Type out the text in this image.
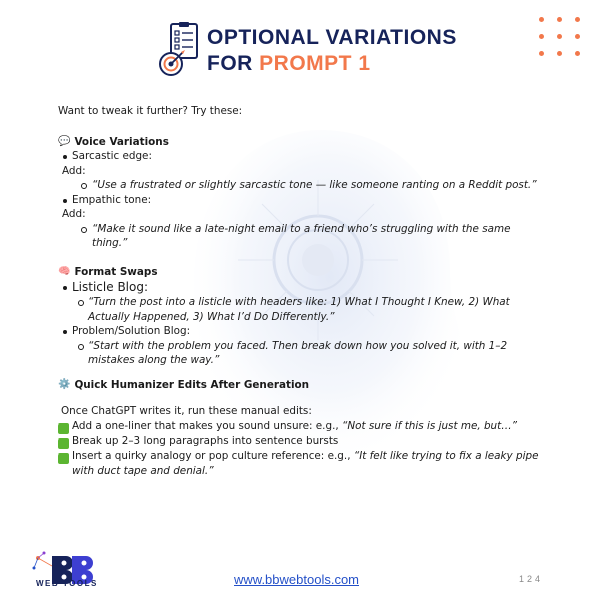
OPTIONAL VARIATIONS
FOR PROMPT 1
Want to tweak it further? Try these:
💬 Voice Variations
Sarcastic edge:
Add:
“Use a frustrated or slightly sarcastic tone — like someone ranting on a Reddit post.”
Empathic tone:
Add:
“Make it sound like a late-night email to a friend who’s struggling with the same thing.”
🧠 Format Swaps
Listicle Blog:
“Turn the post into a listicle with headers like: 1) What I Thought I Knew, 2) What Actually Happened, 3) What I’d Do Differently.”
Problem/Solution Blog:
“Start with the problem you faced. Then break down how you solved it, with 1–2 mistakes along the way.”
⚙️ Quick Humanizer Edits After Generation
Once ChatGPT writes it, run these manual edits:
✓ Add a one-liner that makes you sound unsure: e.g., “Not sure if this is just me, but…”
✓ Break up 2–3 long paragraphs into sentence bursts
✓ Insert a quirky analogy or pop culture reference: e.g., “It felt like trying to fix a leaky pipe with duct tape and denial.”
WEB TOOLS	www.bbwebtools.com	124
